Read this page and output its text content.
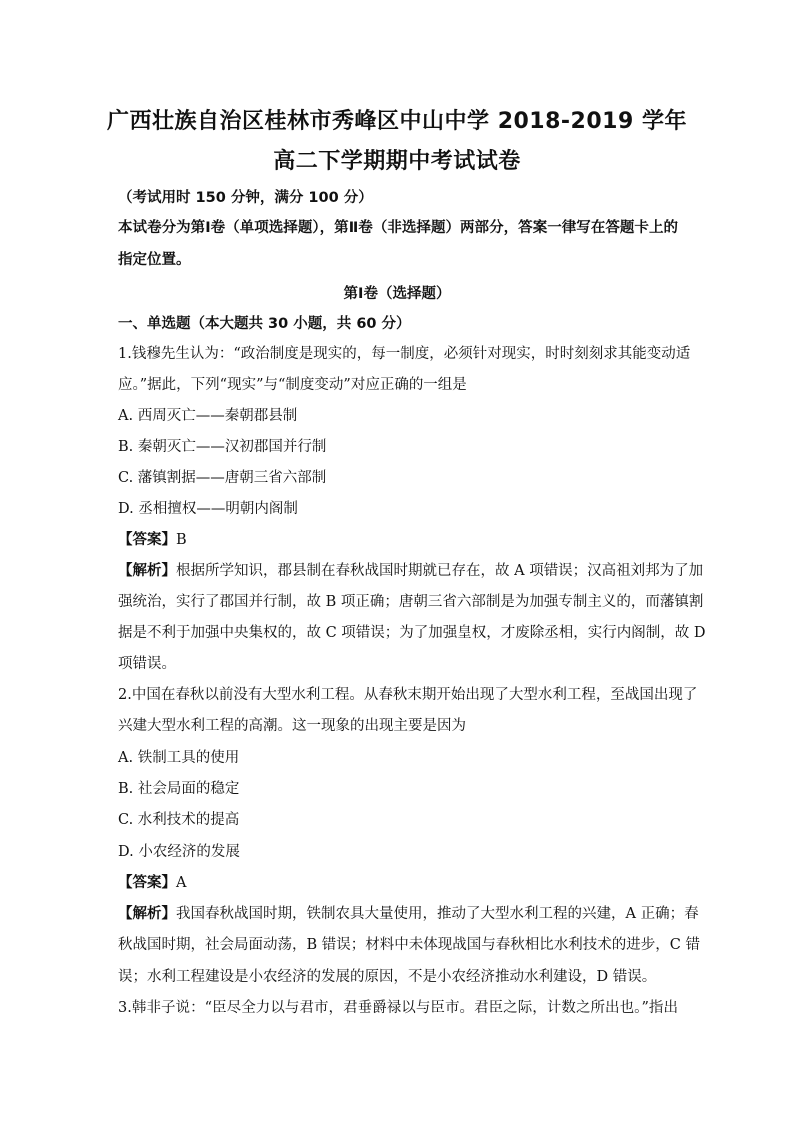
广西壮族自治区桂林市秀峰区中山中学 2018-2019 学年
高二下学期期中考试试卷
（考试用时 150 分钟，满分 100 分）
本试卷分为第Ⅰ卷（单项选择题），第Ⅱ卷（非选择题）两部分，答案一律写在答题卡上的
指定位置。
第Ⅰ卷（选择题）
一、单选题（本大题共 30 小题，共 60 分）
1.钱穆先生认为：“政治制度是现实的，每一制度，必须针对现实，时时刻刻求其能变动适
应。”据此，下列“现实”与“制度变动”对应正确的一组是
A. 西周灭亡——秦朝郡县制
B. 秦朝灭亡——汉初郡国并行制
C. 藩镇割据——唐朝三省六部制
D. 丞相擅权——明朝内阁制
【答案】B
【解析】根据所学知识，郡县制在春秋战国时期就已存在，故 A 项错误；汉高祖刘邦为了加
强统治，实行了郡国并行制，故 B 项正确；唐朝三省六部制是为加强专制主义的，而藩镇割
据是不利于加强中央集权的，故 C 项错误；为了加强皇权，才废除丞相，实行内阁制，故 D
项错误。
2.中国在春秋以前没有大型水利工程。从春秋末期开始出现了大型水利工程，至战国出现了
兴建大型水利工程的高潮。这一现象的出现主要是因为
A. 铁制工具的使用
B. 社会局面的稳定
C. 水利技术的提高
D. 小农经济的发展
【答案】A
【解析】我国春秋战国时期，铁制农具大量使用，推动了大型水利工程的兴建，A 正确；春
秋战国时期，社会局面动荡，B 错误；材料中未体现战国与春秋相比水利技术的进步，C 错
误；水利工程建设是小农经济的发展的原因，不是小农经济推动水利建设，D 错误。
3.韩非子说：“臣尽全力以与君市，君垂爵禄以与臣市。君臣之际，计数之所出也。”指出
